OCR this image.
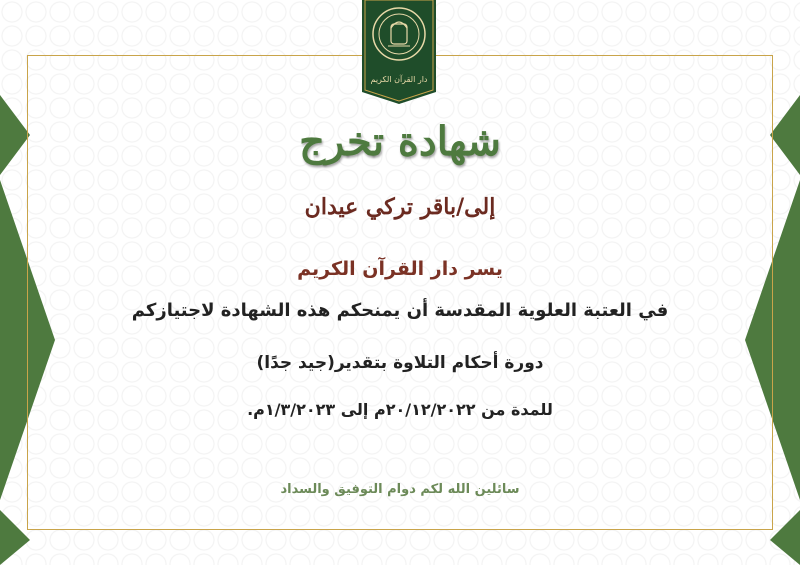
دار القرآن الكريم
شهادة تخرج
إلى/باقر تركي عيدان
يسر دار القرآن الكريم
في العتبة العلوية المقدسة أن يمنحكم هذه الشهادة لاجتيازكم
دورة أحكام التلاوة بتقدير(جيد جدًا)
للمدة من ٢٠/١٢/٢٠٢٢م إلى ١/٣/٢٠٢٣م.
سائلين الله لكم دوام التوفيق والسداد
